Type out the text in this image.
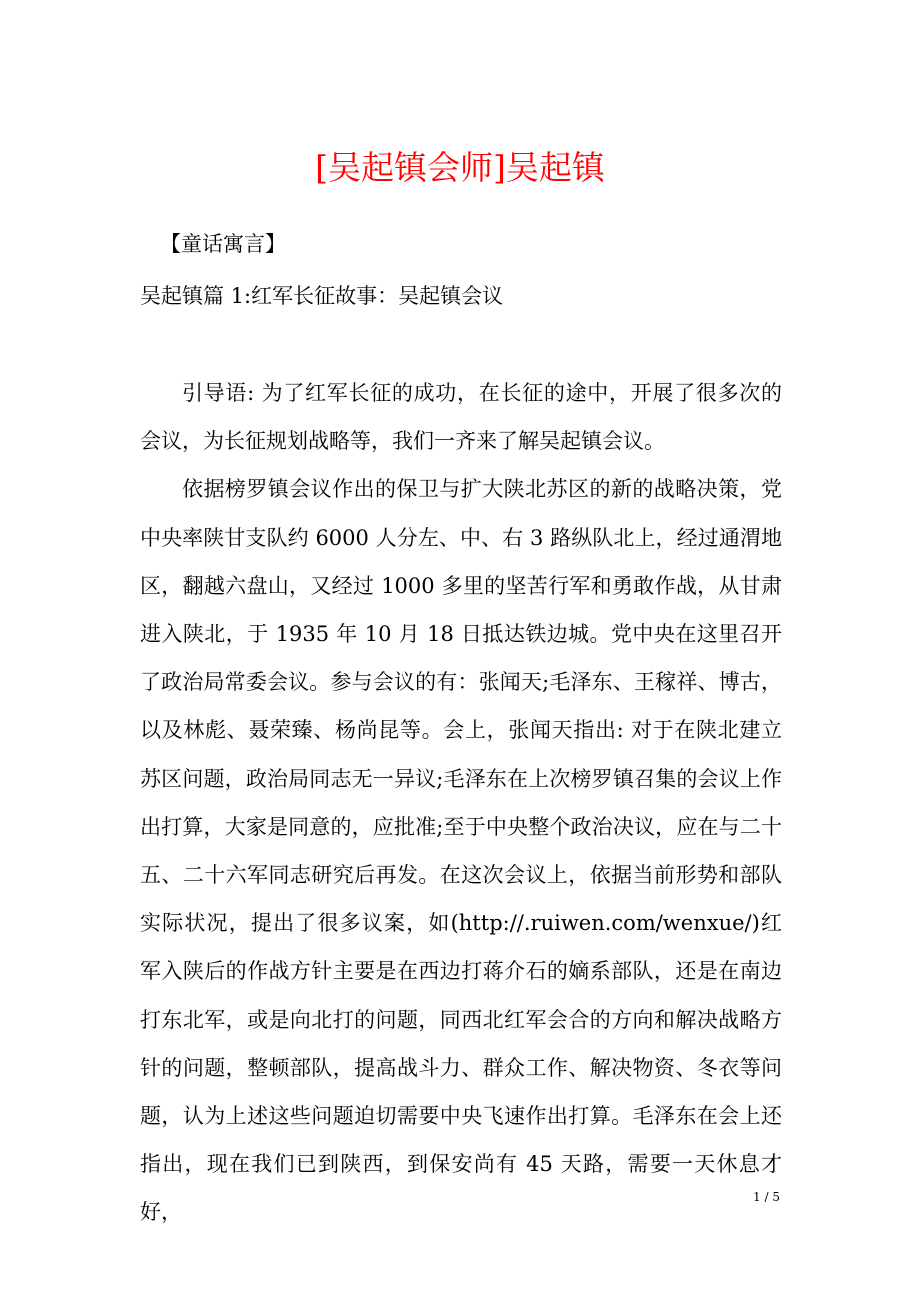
[吴起镇会师]吴起镇
【童话寓言】
吴起镇篇 1:红军长征故事：吴起镇会议

引导语: 为了红军长征的成功，在长征的途中，开展了很多次的会议，为长征规划战略等，我们一齐来了解吴起镇会议。

依据榜罗镇会议作出的保卫与扩大陕北苏区的新的战略决策，党中央率陕甘支队约 6000 人分左、中、右 3 路纵队北上，经过通渭地区，翻越六盘山，又经过 1000 多里的坚苦行军和勇敢作战，从甘肃进入陕北，于 1935 年 10 月 18 日抵达铁边城。党中央在这里召开了政治局常委会议。参与会议的有：张闻天;毛泽东、王稼祥、博古，以及林彪、聂荣臻、杨尚昆等。会上，张闻天指出: 对于在陕北建立苏区问题，政治局同志无一异议;毛泽东在上次榜罗镇召集的会议上作出打算，大家是同意的，应批准;至于中央整个政治决议，应在与二十五、二十六军同志研究后再发。在这次会议上，依据当前形势和部队实际状况，提出了很多议案，如(http://.ruiwen.com/wenxue/)红军入陕后的作战方针主要是在西边打蒋介石的嫡系部队，还是在南边打东北军，或是向北打的问题，同西北红军会合的方向和解决战略方针的问题，整顿部队，提高战斗力、群众工作、解决物资、冬衣等问题，认为上述这些问题迫切需要中央飞速作出打算。毛泽东在会上还指出，现在我们已到陕西，到保安尚有 45 天路，需要一天休息才好，

1 / 5
